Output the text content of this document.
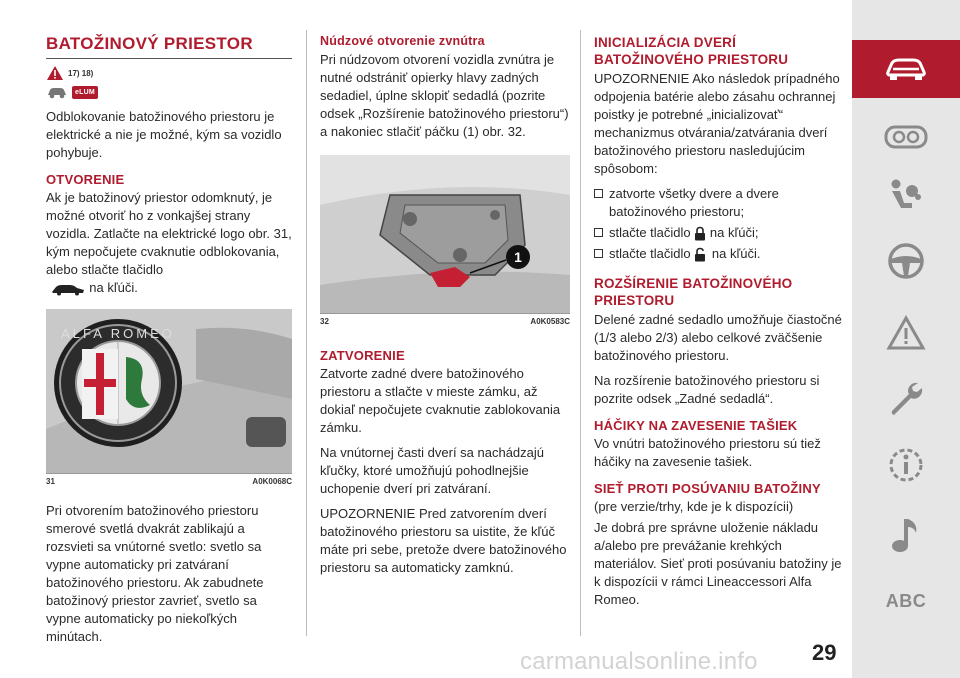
BATOŽINOVÝ PRIESTOR
17) 18)
eLUM
Odblokovanie batožinového priestoru je elektrické a nie je možné, kým sa vozidlo pohybuje.
OTVORENIE
Ak je batožinový priestor odomknutý, je možné otvoriť ho z vonkajšej strany vozidla. Zatlačte na elektrické logo obr. 31, kým nepočujete cvaknutie odblokovania, alebo stlačte tlačidlo
na kľúči.
ALFA ROMEO
31	A0K0068C
Pri otvorením batožinového priestoru smerové svetlá dvakrát zablikajú a rozsvieti sa vnútorné svetlo: svetlo sa vypne automaticky pri zatváraní batožinového priestoru. Ak zabudnete batožinový priestor zavrieť, svetlo sa vypne automaticky po niekoľkých minútach.
Núdzové otvorenie zvnútra
Pri núdzovom otvorení vozidla zvnútra je nutné odstrániť opierky hlavy zadných sedadiel, úplne sklopiť sedadlá (pozrite odsek „Rozšírenie batožinového priestoru“) a nakoniec stlačiť páčku (1) obr. 32.
1
32	A0K0583C
ZATVORENIE
Zatvorte zadné dvere batožinového priestoru a stlačte v mieste zámku, až dokiaľ nepočujete cvaknutie zablokovania zámku.
Na vnútornej časti dverí sa nachádzajú kľučky, ktoré umožňujú pohodlnejšie uchopenie dverí pri zatváraní.
UPOZORNENIE Pred zatvorením dverí batožinového priestoru sa uistite, že kľúč máte pri sebe, pretože dvere batožinového priestoru sa automaticky zamknú.
INICIALIZÁCIA DVERÍ BATOŽINOVÉHO PRIESTORU
UPOZORNENIE Ako následok prípadného odpojenia batérie alebo zásahu ochrannej poistky je potrebné „inicializovať“ mechanizmus otvárania/zatvárania dverí batožinového priestoru nasledujúcim spôsobom:
zatvorte všetky dvere a dvere batožinového priestoru;
stlačte tlačidlo na kľúči;
stlačte tlačidlo na kľúči.
ROZŠÍRENIE BATOŽINOVÉHO PRIESTORU
Delené zadné sedadlo umožňuje čiastočné (1/3 alebo 2/3) alebo celkové zväčšenie batožinového priestoru.
Na rozšírenie batožinového priestoru si pozrite odsek „Zadné sedadlá“.
HÁČIKY NA ZAVESENIE TAŠIEK
Vo vnútri batožinového priestoru sú tiež háčiky na zavesenie tašiek.
SIEŤ PROTI POSÚVANIU BATOŽINY
(pre verzie/trhy, kde je k dispozícii)
Je dobrá pre správne uloženie nákladu a/alebo pre prevážanie krehkých materiálov. Sieť proti posúvaniu batožiny je k dispozícii v rámci Lineaccessori Alfa Romeo.	ABC
carmanualsonline.info 29
